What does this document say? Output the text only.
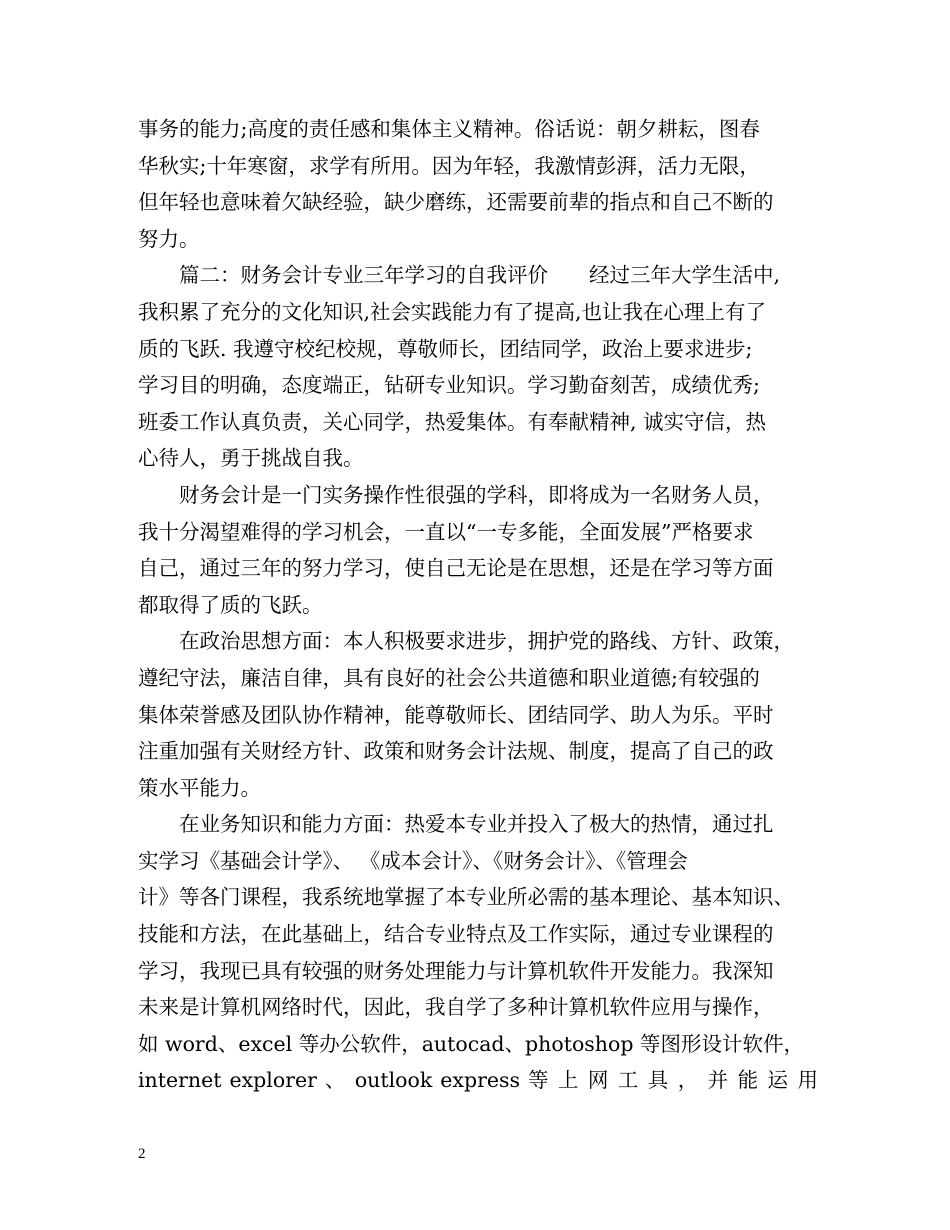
事务的能力;高度的责任感和集体主义精神。俗话说：朝夕耕耘，图春
华秋实;十年寒窗，求学有所用。因为年轻，我激情彭湃，活力无限，
但年轻也意味着欠缺经验，缺少磨练，还需要前辈的指点和自己不断的
努力。
篇二：财务会计专业三年学习的自我评价　　经过三年大学生活中,
我积累了充分的文化知识,社会实践能力有了提高,也让我在心理上有了
质的飞跃. 我遵守校纪校规，尊敬师长，团结同学，政治上要求进步;
学习目的明确，态度端正，钻研专业知识。学习勤奋刻苦，成绩优秀;
班委工作认真负责，关心同学，热爱集体。有奉献精神, 诚实守信，热
心待人，勇于挑战自我。
财务会计是一门实务操作性很强的学科，即将成为一名财务人员，
我十分渴望难得的学习机会，一直以“一专多能，全面发展”严格要求
自己，通过三年的努力学习，使自己无论是在思想，还是在学习等方面
都取得了质的飞跃。
在政治思想方面：本人积极要求进步，拥护党的路线、方针、政策，
遵纪守法，廉洁自律，具有良好的社会公共道德和职业道德;有较强的
集体荣誉感及团队协作精神，能尊敬师长、团结同学、助人为乐。平时
注重加强有关财经方针、政策和财务会计法规、制度，提高了自己的政
策水平能力。
在业务知识和能力方面：热爱本专业并投入了极大的热情，通过扎
实学习《基础会计学》、 《成本会计》、《财务会计》、《管理会
计》等各门课程，我系统地掌握了本专业所必需的基本理论、基本知识、
技能和方法，在此基础上，结合专业特点及工作实际，通过专业课程的
学习，我现已具有较强的财务处理能力与计算机软件开发能力。我深知
未来是计算机网络时代，因此，我自学了多种计算机软件应用与操作，
如 word、excel 等办公软件，autocad、photoshop 等图形设计软件，
internet explorer 、 outlook express 等 上 网 工 具 ， 并 能 运 用
2
